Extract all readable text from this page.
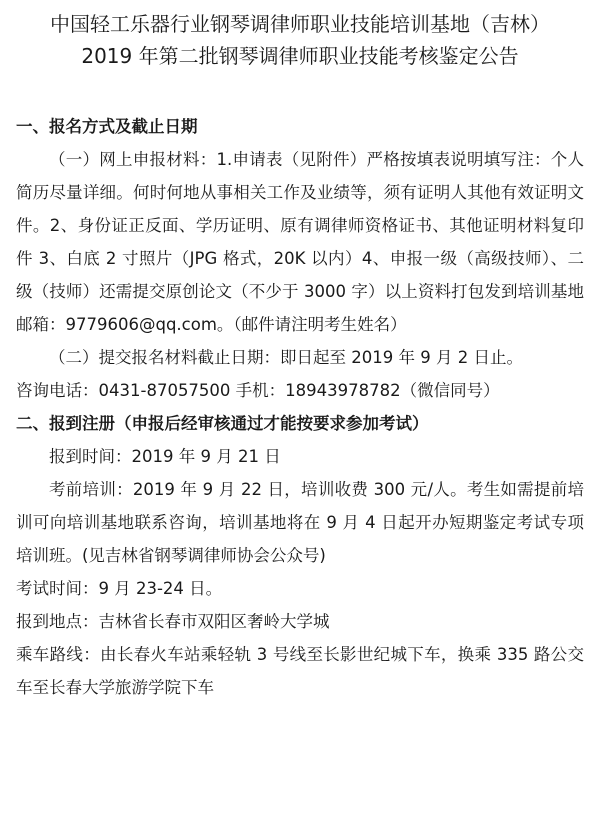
中国轻工乐器行业钢琴调律师职业技能培训基地（吉林）
2019 年第二批钢琴调律师职业技能考核鉴定公告

一、报名方式及截止日期

（一）网上申报材料：1.申请表（见附件）严格按填表说明填写注：个人简历尽量详细。何时何地从事相关工作及业绩等，须有证明人其他有效证明文件。2、身份证正反面、学历证明、原有调律师资格证书、其他证明材料复印件 3、白底 2 寸照片（JPG 格式，20K 以内）4、申报一级（高级技师）、二级（技师）还需提交原创论文（不少于 3000 字）以上资料打包发到培训基地邮箱：9779606@qq.com。（邮件请注明考生姓名）

（二）提交报名材料截止日期：即日起至 2019 年 9 月 2 日止。

咨询电话：0431-87057500 手机：18943978782（微信同号）

二、报到注册（申报后经审核通过才能按要求参加考试）

报到时间：2019 年 9 月 21 日

考前培训：2019 年 9 月 22 日，培训收费 300 元/人。考生如需提前培训可向培训基地联系咨询，培训基地将在 9 月 4 日起开办短期鉴定考试专项培训班。(见吉林省钢琴调律师协会公众号)

考试时间：9 月 23-24 日。

报到地点：吉林省长春市双阳区奢岭大学城

乘车路线：由长春火车站乘轻轨 3 号线至长影世纪城下车，换乘 335 路公交车至长春大学旅游学院下车
